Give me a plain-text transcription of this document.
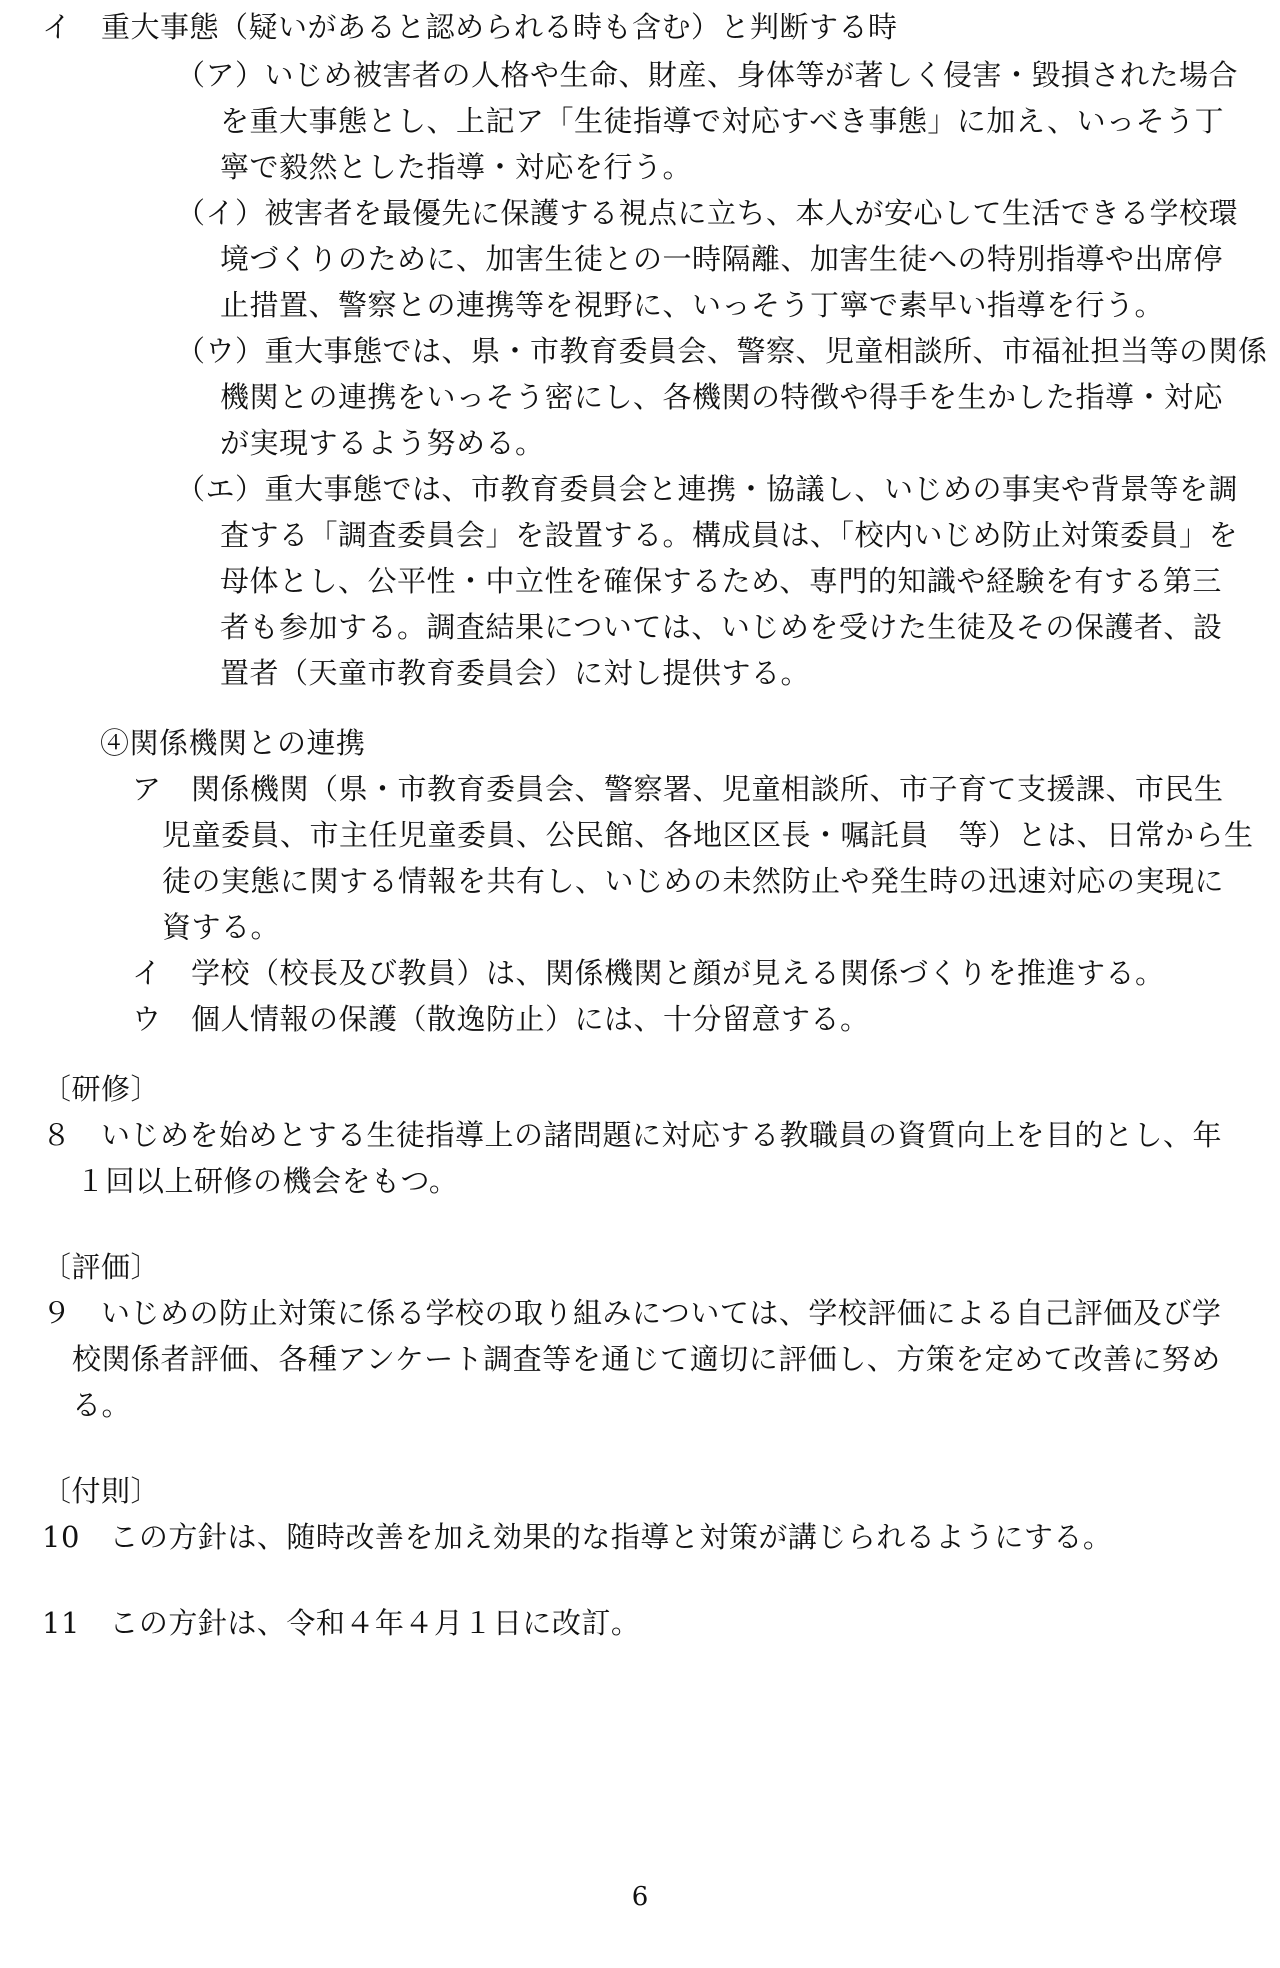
イ　重大事態（疑いがあると認められる時も含む）と判断する時
（ア）いじめ被害者の人格や生命、財産、身体等が著しく侵害・毀損された場合
を重大事態とし、上記ア「生徒指導で対応すべき事態」に加え、いっそう丁
寧で毅然とした指導・対応を行う。
（イ）被害者を最優先に保護する視点に立ち、本人が安心して生活できる学校環
境づくりのために、加害生徒との一時隔離、加害生徒への特別指導や出席停
止措置、警察との連携等を視野に、いっそう丁寧で素早い指導を行う。
（ウ）重大事態では、県・市教育委員会、警察、児童相談所、市福祉担当等の関係
機関との連携をいっそう密にし、各機関の特徴や得手を生かした指導・対応
が実現するよう努める。
（エ）重大事態では、市教育委員会と連携・協議し、いじめの事実や背景等を調
査する「調査委員会」を設置する。構成員は、「校内いじめ防止対策委員」を
母体とし、公平性・中立性を確保するため、専門的知識や経験を有する第三
者も参加する。調査結果については、いじめを受けた生徒及その保護者、設
置者（天童市教育委員会）に対し提供する。
④関係機関との連携
ア　関係機関（県・市教育委員会、警察署、児童相談所、市子育て支援課、市民生
児童委員、市主任児童委員、公民館、各地区区長・嘱託員　等）とは、日常から生
徒の実態に関する情報を共有し、いじめの未然防止や発生時の迅速対応の実現に
資する。
イ　学校（校長及び教員）は、関係機関と顔が見える関係づくりを推進する。
ウ　個人情報の保護（散逸防止）には、十分留意する。
〔研修〕
８　いじめを始めとする生徒指導上の諸問題に対応する教職員の資質向上を目的とし、年
１回以上研修の機会をもつ。
〔評価〕
９　いじめの防止対策に係る学校の取り組みについては、学校評価による自己評価及び学
校関係者評価、各種アンケート調査等を通じて適切に評価し、方策を定めて改善に努め
る。
〔付則〕
10　この方針は、随時改善を加え効果的な指導と対策が講じられるようにする。
11　この方針は、令和４年４月１日に改訂。
6
